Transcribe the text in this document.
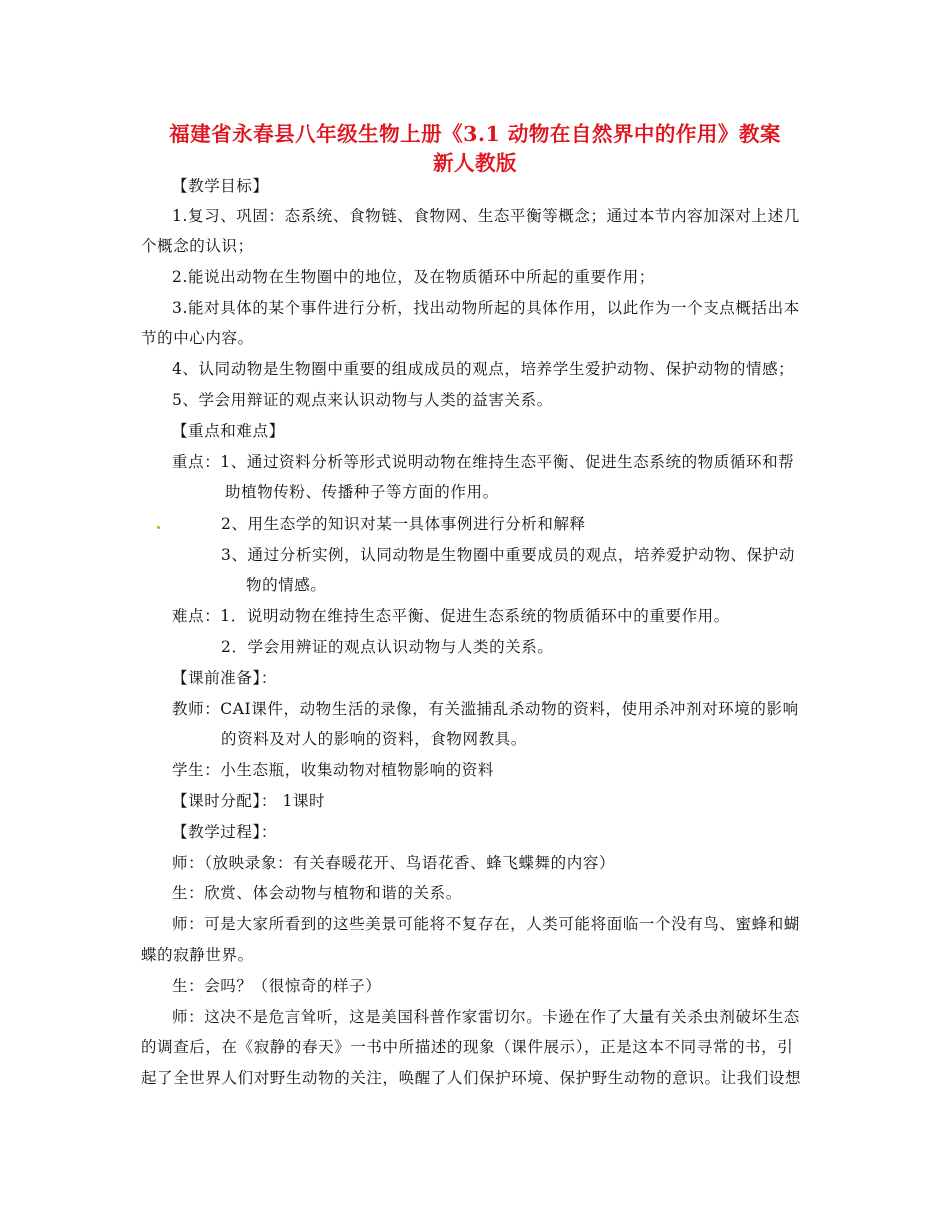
福建省永春县八年级生物上册《3.1 动物在自然界中的作用》教案
新人教版
【教学目标】
1.复习、巩固：态系统、食物链、食物网、生态平衡等概念；通过本节内容加深对上述几
个概念的认识；
2.能说出动物在生物圈中的地位，及在物质循环中所起的重要作用；
3.能对具体的某个事件进行分析，找出动物所起的具体作用，以此作为一个支点概括出本
节的中心内容。
4、认同动物是生物圈中重要的组成成员的观点，培养学生爱护动物、保护动物的情感；
5、学会用辩证的观点来认识动物与人类的益害关系。
【重点和难点】
重点：1、通过资料分析等形式说明动物在维持生态平衡、促进生态系统的物质循环和帮
助植物传粉、传播种子等方面的作用。
2、用生态学的知识对某一具体事例进行分析和解释
3、通过分析实例，认同动物是生物圈中重要成员的观点，培养爱护动物、保护动
物的情感。
难点：1．说明动物在维持生态平衡、促进生态系统的物质循环中的重要作用。
2．学会用辨证的观点认识动物与人类的关系。
【课前准备】：
教师：CAI课件，动物生活的录像，有关滥捕乱杀动物的资料，使用杀冲剂对环境的影响
的资料及对人的影响的资料，食物网教具。
学生：小生态瓶，收集动物对植物影响的资料
【课时分配】： 1课时
【教学过程】：
师：（放映录象：有关春暖花开、鸟语花香、蜂飞蝶舞的内容）
生：欣赏、体会动物与植物和谐的关系。
师：可是大家所看到的这些美景可能将不复存在，人类可能将面临一个没有鸟、蜜蜂和蝴
蝶的寂静世界。
生：会吗？（很惊奇的样子）
师：这决不是危言耸听，这是美国科普作家雷切尔。卡逊在作了大量有关杀虫剂破坏生态
的调查后，在《寂静的春天》一书中所描述的现象（课件展示），正是这本不同寻常的书，引
起了全世界人们对野生动物的关注，唤醒了人们保护环境、保护野生动物的意识。让我们设想
